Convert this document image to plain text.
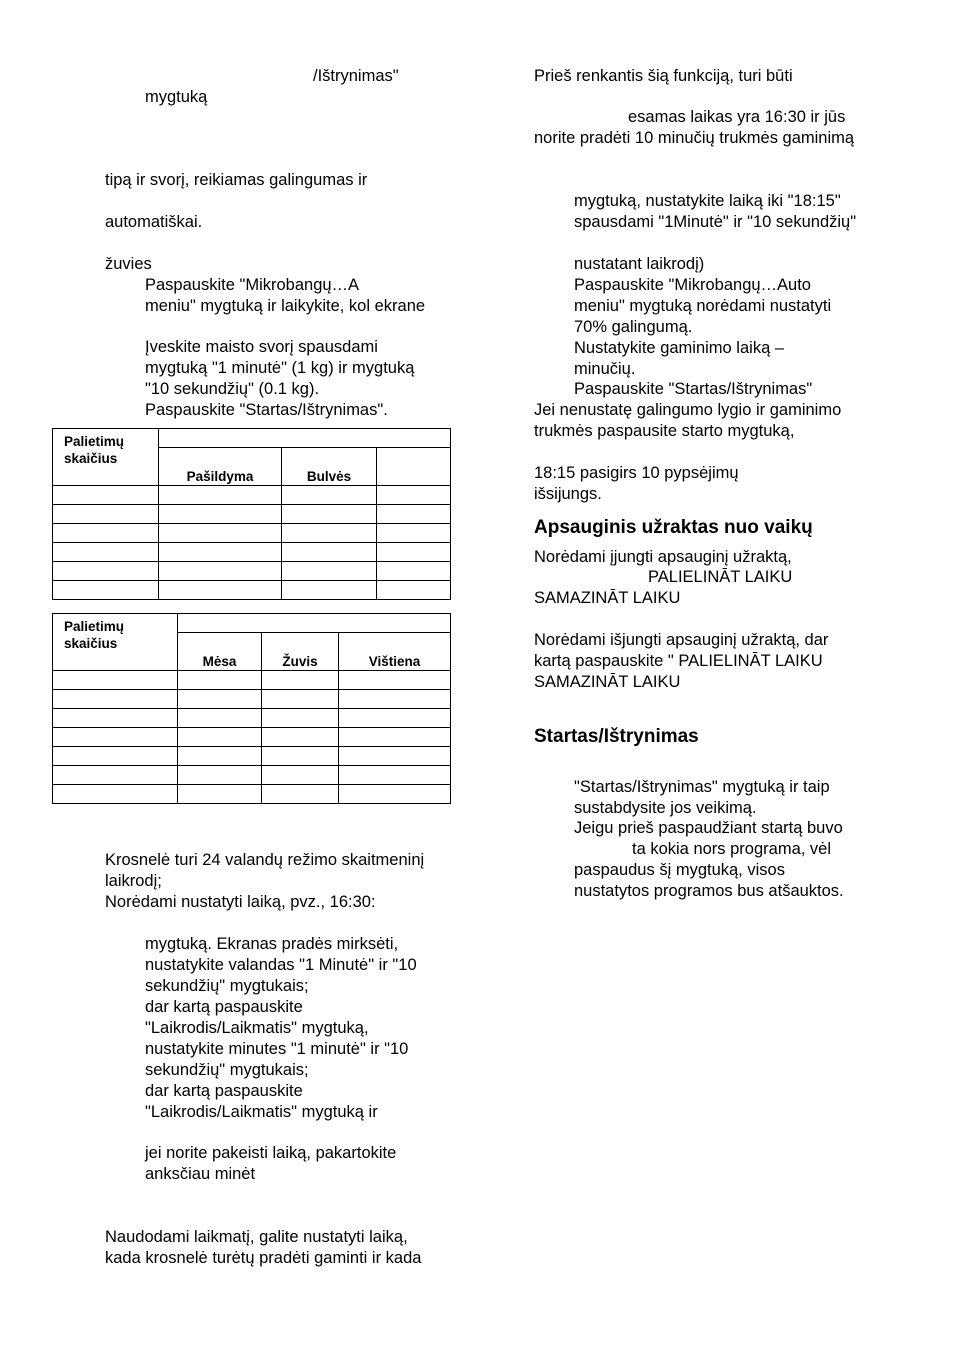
/Ištrynimas"
mygtuką
tipą ir svorį, reikiamas galingumas ir
automatiškai.
žuvies
Paspauskite "Mikrobangų…A
meniu" mygtuką ir laikykite, kol ekrane
Įveskite maisto svorį spausdami
mygtuką "1 minutė" (1 kg) ir mygtuką
"10 sekundžių" (0.1 kg).
Paspauskite "Startas/Ištrynimas".
Palietimų skaičius			
	Pašildyma	Bulvės	

Palietimų skaičius			
	Mėsa	Žuvis	Vištiena

Krosnelė turi 24 valandų režimo skaitmeninį
laikrodį;
Norėdami nustatyti laiką, pvz., 16:30:
mygtuką. Ekranas pradės mirksėti,
nustatykite valandas "1 Minutė" ir "10
sekundžių" mygtukais;
dar kartą paspauskite
"Laikrodis/Laikmatis" mygtuką,
nustatykite minutes "1 minutė" ir "10
sekundžių" mygtukais;
dar kartą paspauskite
"Laikrodis/Laikmatis" mygtuką ir
jei norite pakeisti laiką, pakartokite
anksčiau minėt
Naudodami laikmatį, galite nustatyti laiką,
kada krosnelė turėtų pradėti gaminti ir kada
Prieš renkantis šią funkciją, turi būti
esamas laikas yra 16:30 ir jūs
norite pradėti 10 minučių trukmės gaminimą
mygtuką, nustatykite laiką iki "18:15"
spausdami "1Minutė" ir "10 sekundžių"
nustatant laikrodį)
Paspauskite "Mikrobangų…Auto
meniu" mygtuką norėdami nustatyti
70% galingumą.
Nustatykite gaminimo laiką –
minučių.
Paspauskite "Startas/Ištrynimas"
Jei nenustatę galingumo lygio ir gaminimo
trukmės paspausite starto mygtuką,
18:15 pasigirs 10 pypsėjimų
išsijungs.
Apsauginis užraktas nuo vaikų
Norėdami įjungti apsauginį užraktą,
PALIELINĀT LAIKU
SAMAZINĀT LAIKU
Norėdami išjungti apsauginį užraktą, dar
kartą paspauskite " PALIELINĀT LAIKU
SAMAZINĀT LAIKU
Startas/Ištrynimas
"Startas/Ištrynimas" mygtuką ir taip
sustabdysite jos veikimą.
Jeigu prieš paspaudžiant startą buvo
ta kokia nors programa, vėl
paspaudus šį mygtuką, visos
nustatytos programos bus atšauktos.
